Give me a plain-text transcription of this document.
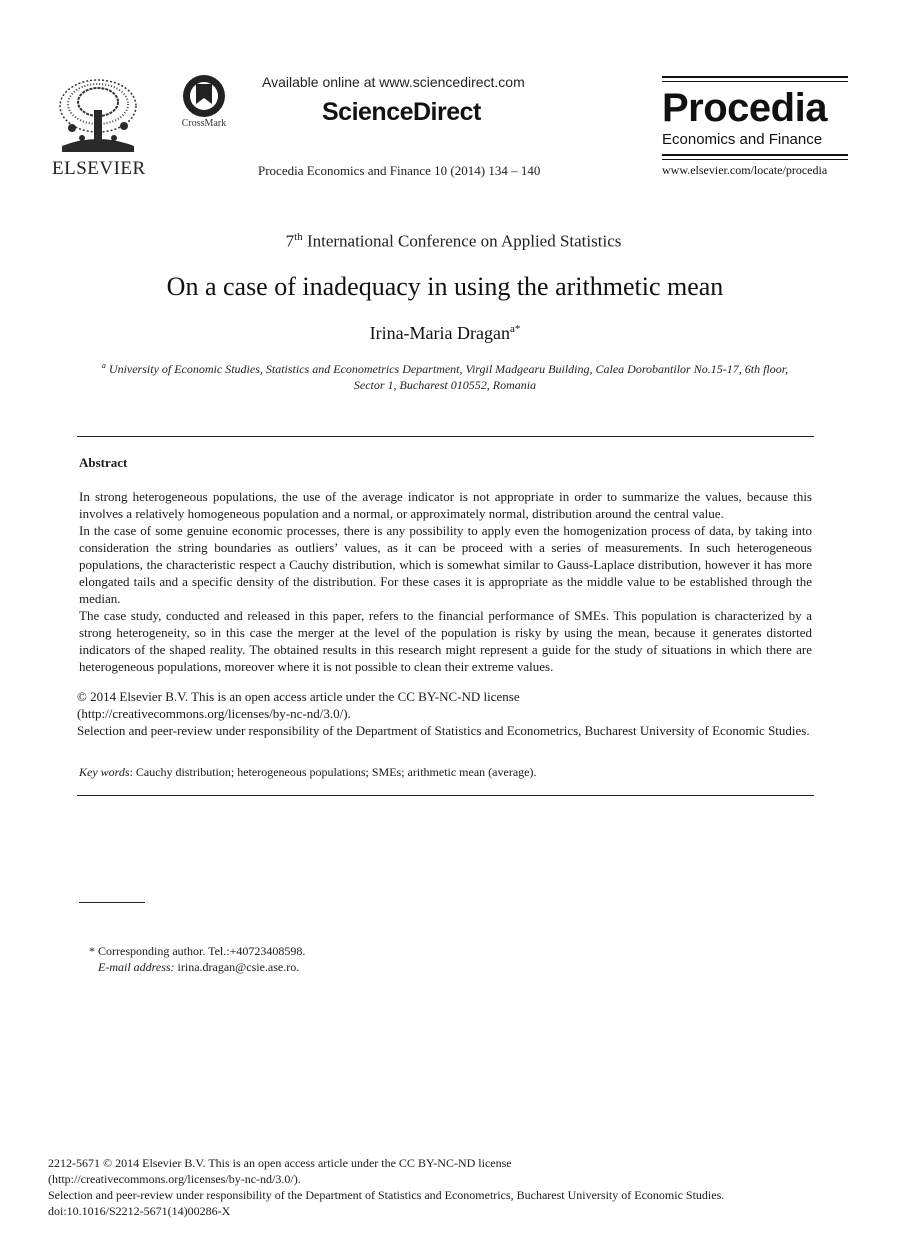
ELSEVIER
CrossMark
Available online at www.sciencedirect.com
ScienceDirect
Procedia Economics and Finance 10 (2014) 134 – 140
Procedia
Economics and Finance
www.elsevier.com/locate/procedia
7th International Conference on Applied Statistics
On a case of inadequacy in using the arithmetic mean
Irina-Maria Dragan$^{a*}$
$^a$ University of Economic Studies, Statistics and Econometrics Department, Virgil Madgearu Building, Calea Dorobantilor No.15-17, 6th floor,
Sector 1, Bucharest 010552, Romania
Abstract

In strong heterogeneous populations, the use of the average indicator is not appropriate in order to summarize the values, because this involves a relatively homogeneous population and a normal, or approximately normal, distribution around the central value.

In the case of some genuine economic processes, there is any possibility to apply even the homogenization process of data, by taking into consideration the string boundaries as outliers’ values, as it can be proceed with a series of measurements. In such heterogeneous populations, the characteristic respect a Cauchy distribution, which is somewhat similar to Gauss-Laplace distribution, however it has more elongated tails and a specific density of the distribution. For these cases it is appropriate as the middle value to be established through the median.

The case study, conducted and released in this paper, refers to the financial performance of SMEs. This population is characterized by a strong heterogeneity, so in this case the merger at the level of the population is risky by using the mean, because it generates distorted indicators of the shaped reality. The obtained results in this research might represent a guide for the study of situations in which there are heterogeneous populations, moreover where it is not possible to clean their extreme values.

© 2014 Elsevier B.V. This is an open access article under the CC BY-NC-ND license

(http://creativecommons.org/licenses/by-nc-nd/3.0/).

Selection and peer-review under responsibility of the Department of Statistics and Econometrics, Bucharest University of Economic Studies.

Key words: Cauchy distribution; heterogeneous populations; SMEs; arithmetic mean (average).

* Corresponding author. Tel.:+40723408598.

E-mail address: irina.dragan@csie.ase.ro.

2212-5671 © 2014 Elsevier B.V. This is an open access article under the CC BY-NC-ND license

(http://creativecommons.org/licenses/by-nc-nd/3.0/).

Selection and peer-review under responsibility of the Department of Statistics and Econometrics, Bucharest University of Economic Studies.

doi:10.1016/S2212-5671(14)00286-X
